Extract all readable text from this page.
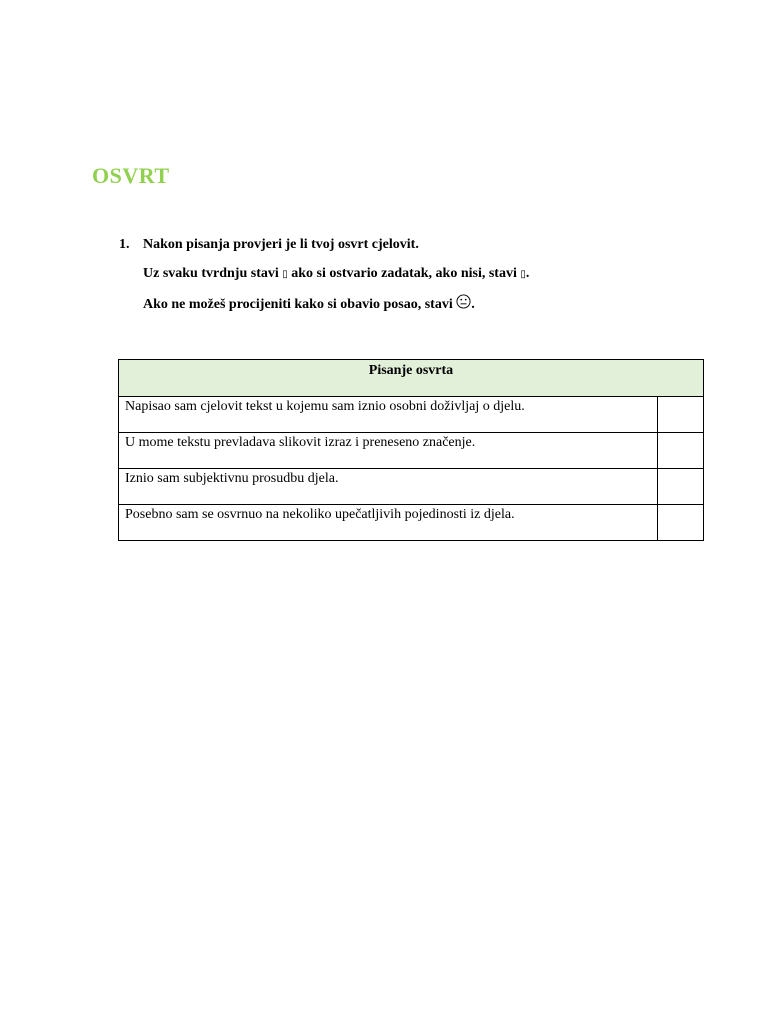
OSVRT
1. Nakon pisanja provjeri je li tvoj osvrt cjelovit.
Uz svaku tvrdnju stavi ▯ ako si ostvario zadatak, ako nisi, stavi ▯.
Ako ne možeš procijeniti kako si obavio posao, stavi .
Pisanje osvrta	
Napisao sam cjelovit tekst u kojemu sam iznio osobni doživljaj o djelu.	
U mome tekstu prevladava slikovit izraz i preneseno značenje.	
Iznio sam subjektivnu prosudbu djela.	
Posebno sam se osvrnuo na nekoliko upečatljivih pojedinosti iz djela.	
